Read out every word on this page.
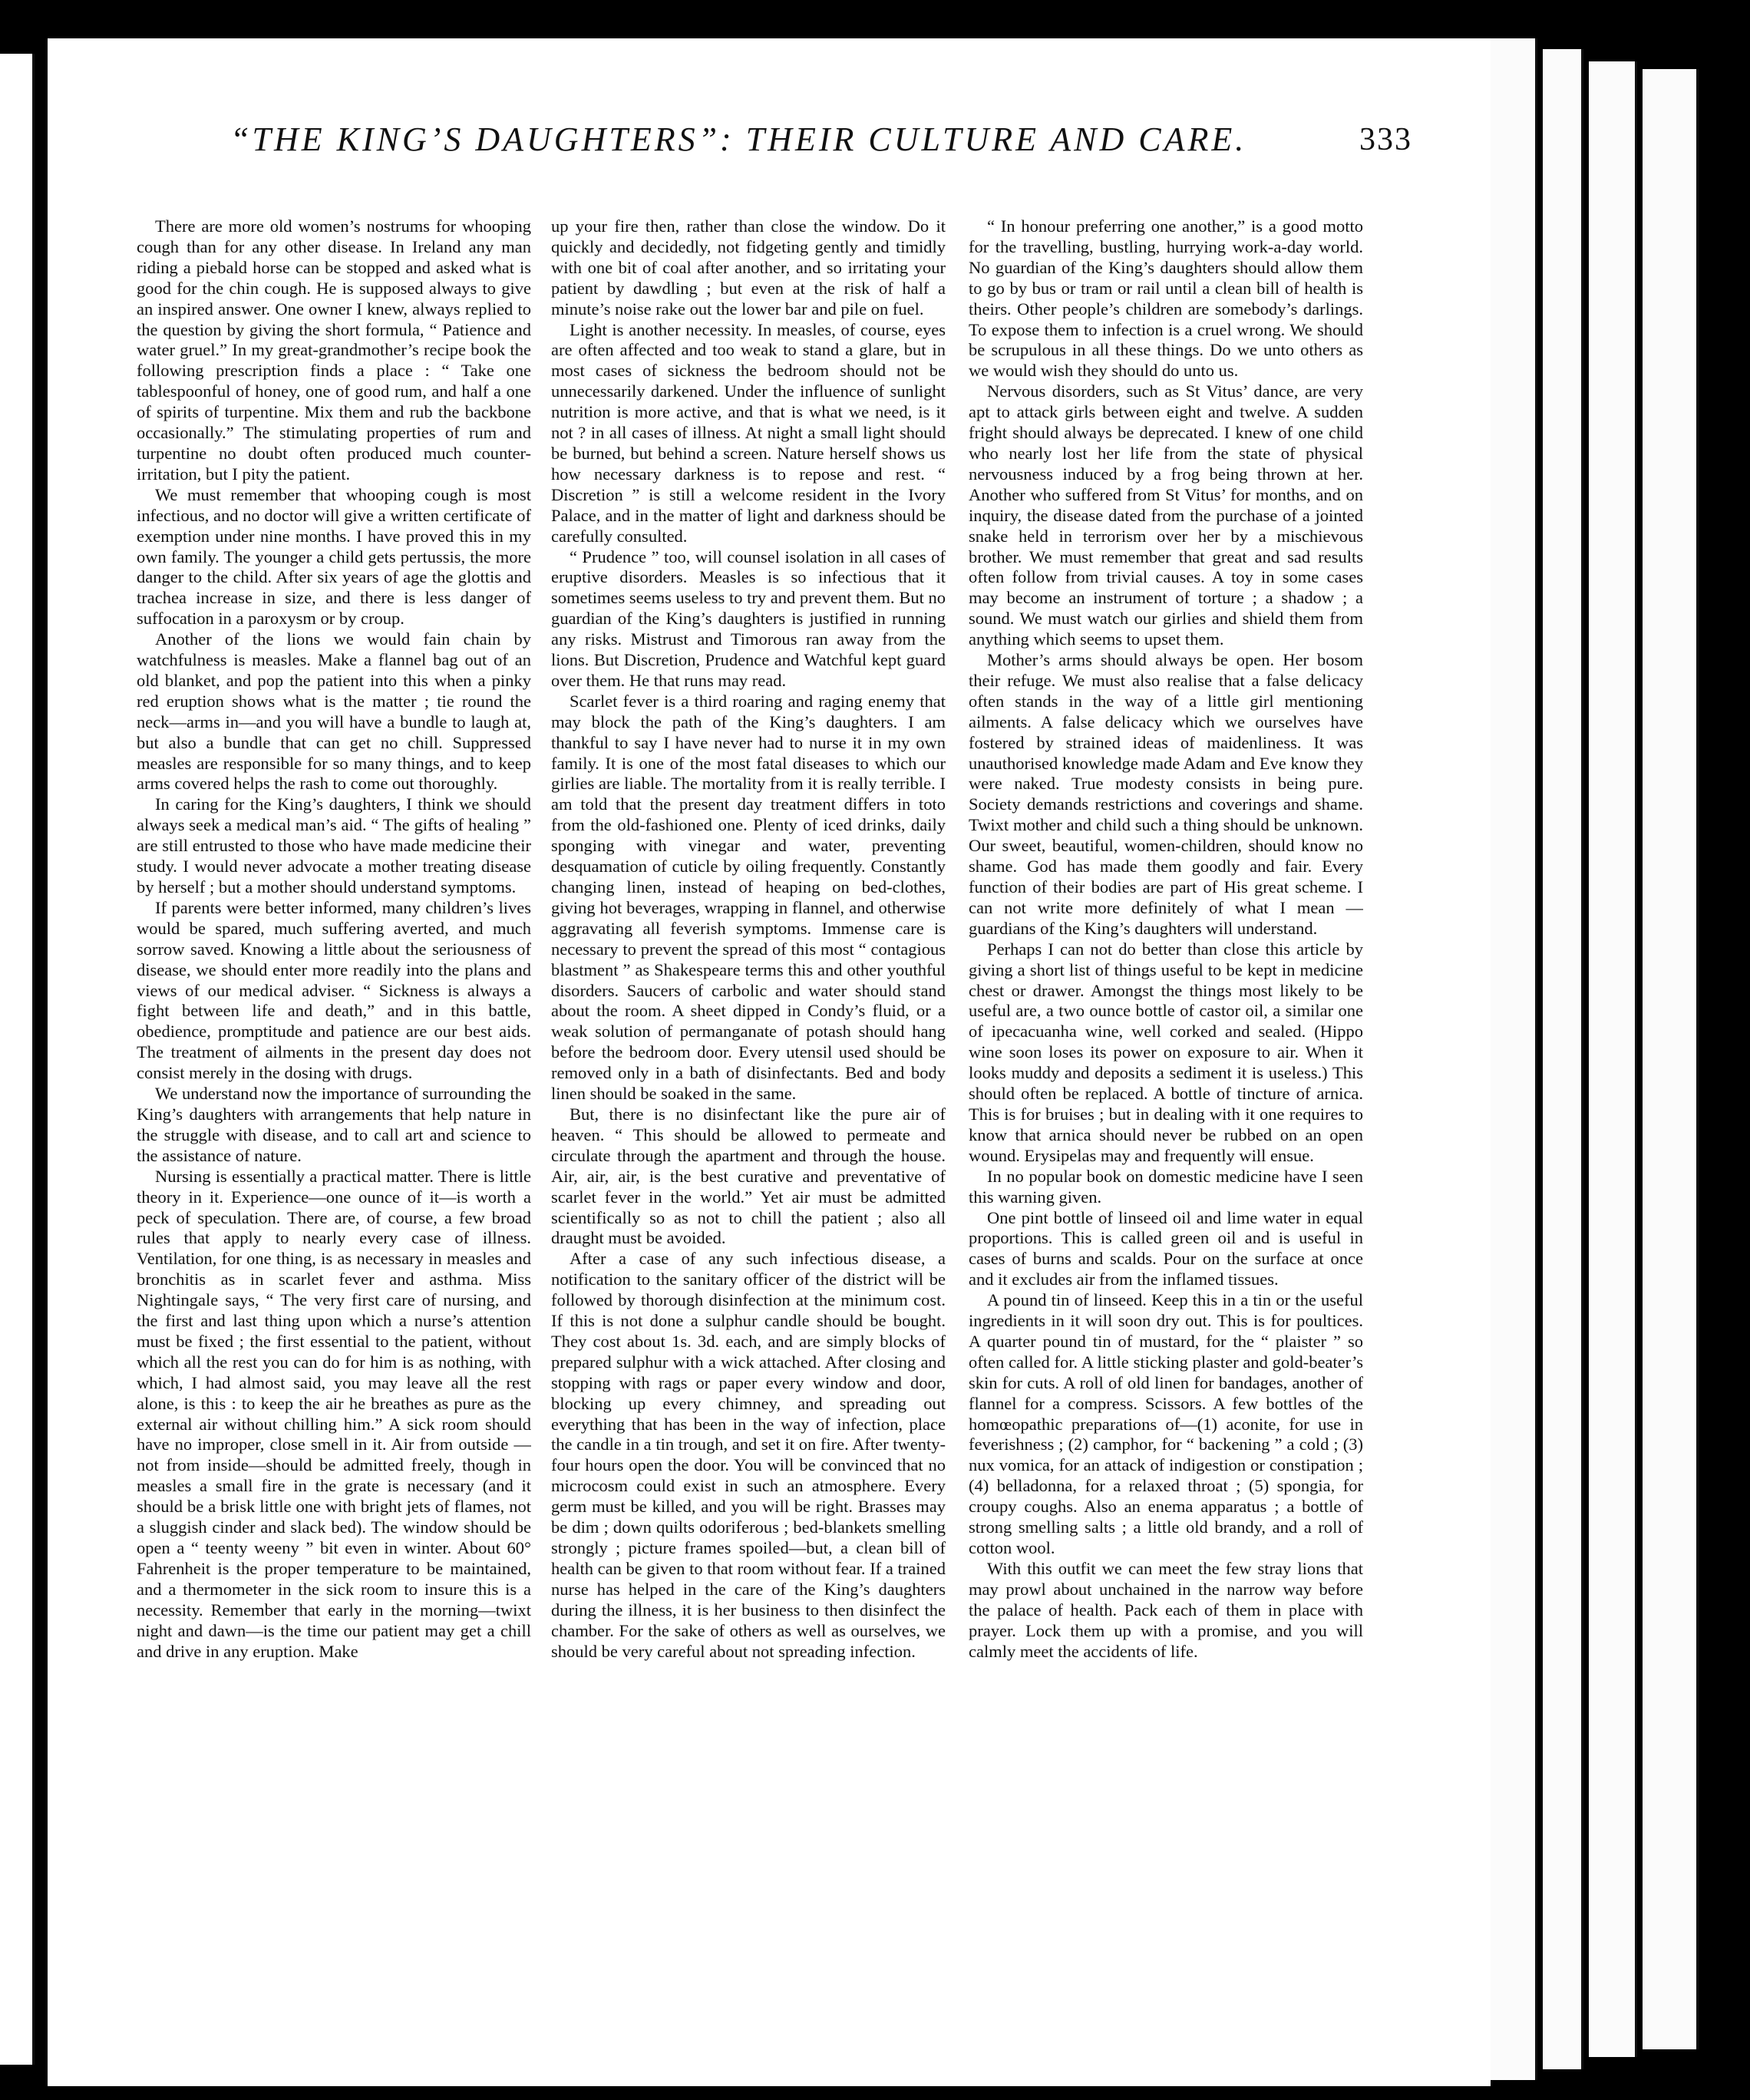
“THE KING’S DAUGHTERS”: THEIR CULTURE AND CARE.	333

There are more old women’s nostrums for whooping cough than for any other disease. In Ireland any man riding a piebald horse can be stopped and asked what is good for the chin cough. He is supposed always to give an inspired answer. One owner I knew, always replied to the question by giving the short formula, “ Patience and water gruel.” In my great-grandmother’s recipe book the following prescription finds a place : “ Take one tablespoonful of honey, one of good rum, and half a one of spirits of turpentine. Mix them and rub the backbone occasionally.” The stimulating properties of rum and turpentine no doubt often produced much counter-irritation, but I pity the patient.

We must remember that whooping cough is most infectious, and no doctor will give a written certificate of exemption under nine months. I have proved this in my own family. The younger a child gets pertussis, the more danger to the child. After six years of age the glottis and trachea increase in size, and there is less danger of suffocation in a paroxysm or by croup.

Another of the lions we would fain chain by watchfulness is measles. Make a flannel bag out of an old blanket, and pop the patient into this when a pinky red eruption shows what is the matter ; tie round the neck—arms in—and you will have a bundle to laugh at, but also a bundle that can get no chill. Suppressed measles are responsible for so many things, and to keep arms covered helps the rash to come out thoroughly.

In caring for the King’s daughters, I think we should always seek a medical man’s aid. “ The gifts of healing ” are still entrusted to those who have made medicine their study. I would never advocate a mother treating disease by herself ; but a mother should understand symptoms.

If parents were better informed, many children’s lives would be spared, much suffering averted, and much sorrow saved. Knowing a little about the seriousness of disease, we should enter more readily into the plans and views of our medical adviser. “ Sickness is always a fight between life and death,” and in this battle, obedience, promptitude and patience are our best aids. The treatment of ailments in the present day does not consist merely in the dosing with drugs.

We understand now the importance of surrounding the King’s daughters with arrangements that help nature in the struggle with disease, and to call art and science to the assistance of nature.

Nursing is essentially a practical matter. There is little theory in it. Experience—one ounce of it—is worth a peck of speculation. There are, of course, a few broad rules that apply to nearly every case of illness. Ventilation, for one thing, is as necessary in measles and bronchitis as in scarlet fever and asthma. Miss Nightingale says, “ The very first care of nursing, and the first and last thing upon which a nurse’s attention must be fixed ; the first essential to the patient, without which all the rest you can do for him is as nothing, with which, I had almost said, you may leave all the rest alone, is this : to keep the air he breathes as pure as the external air without chilling him.” A sick room should have no improper, close smell in it. Air from outside —not from inside—should be admitted freely, though in measles a small fire in the grate is necessary (and it should be a brisk little one with bright jets of flames, not a sluggish cinder and slack bed). The window should be open a “ teenty weeny ” bit even in winter. About 60° Fahrenheit is the proper temperature to be maintained, and a thermometer in the sick room to insure this is a necessity. Remember that early in the morning—twixt night and dawn—is the time our patient may get a chill and drive in any eruption. Make

up your fire then, rather than close the window. Do it quickly and decidedly, not fidgeting gently and timidly with one bit of coal after another, and so irritating your patient by dawdling ; but even at the risk of half a minute’s noise rake out the lower bar and pile on fuel.

Light is another necessity. In measles, of course, eyes are often affected and too weak to stand a glare, but in most cases of sickness the bedroom should not be unnecessarily darkened. Under the influence of sunlight nutrition is more active, and that is what we need, is it not ? in all cases of illness. At night a small light should be burned, but behind a screen. Nature herself shows us how necessary darkness is to repose and rest. “ Discretion ” is still a welcome resident in the Ivory Palace, and in the matter of light and darkness should be carefully consulted.

“ Prudence ” too, will counsel isolation in all cases of eruptive disorders. Measles is so infectious that it sometimes seems useless to try and prevent them. But no guardian of the King’s daughters is justified in running any risks. Mistrust and Timorous ran away from the lions. But Discretion, Prudence and Watchful kept guard over them. He that runs may read.

Scarlet fever is a third roaring and raging enemy that may block the path of the King’s daughters. I am thankful to say I have never had to nurse it in my own family. It is one of the most fatal diseases to which our girlies are liable. The mortality from it is really terrible. I am told that the present day treatment differs in toto from the old-fashioned one. Plenty of iced drinks, daily sponging with vinegar and water, preventing desquamation of cuticle by oiling frequently. Constantly changing linen, instead of heaping on bed-clothes, giving hot beverages, wrapping in flannel, and otherwise aggravating all feverish symptoms. Immense care is necessary to prevent the spread of this most “ contagious blastment ” as Shakespeare terms this and other youthful disorders. Saucers of carbolic and water should stand about the room. A sheet dipped in Condy’s fluid, or a weak solution of permanganate of potash should hang before the bedroom door. Every utensil used should be removed only in a bath of disinfectants. Bed and body linen should be soaked in the same.

But, there is no disinfectant like the pure air of heaven. “ This should be allowed to permeate and circulate through the apartment and through the house. Air, air, air, is the best curative and preventative of scarlet fever in the world.” Yet air must be admitted scientifically so as not to chill the patient ; also all draught must be avoided.

After a case of any such infectious disease, a notification to the sanitary officer of the district will be followed by thorough disinfection at the minimum cost. If this is not done a sulphur candle should be bought. They cost about 1s. 3d. each, and are simply blocks of prepared sulphur with a wick attached. After closing and stopping with rags or paper every window and door, blocking up every chimney, and spreading out everything that has been in the way of infection, place the candle in a tin trough, and set it on fire. After twenty-four hours open the door. You will be convinced that no microcosm could exist in such an atmosphere. Every germ must be killed, and you will be right. Brasses may be dim ; down quilts odoriferous ; bed-blankets smelling strongly ; picture frames spoiled—but, a clean bill of health can be given to that room without fear. If a trained nurse has helped in the care of the King’s daughters during the illness, it is her business to then disinfect the chamber. For the sake of others as well as ourselves, we should be very careful about not spreading infection.

“ In honour preferring one another,” is a good motto for the travelling, bustling, hurrying work-a-day world. No guardian of the King’s daughters should allow them to go by bus or tram or rail until a clean bill of health is theirs. Other people’s children are somebody’s darlings. To expose them to infection is a cruel wrong. We should be scrupulous in all these things. Do we unto others as we would wish they should do unto us.

Nervous disorders, such as St Vitus’ dance, are very apt to attack girls between eight and twelve. A sudden fright should always be deprecated. I knew of one child who nearly lost her life from the state of physical nervousness induced by a frog being thrown at her. Another who suffered from St Vitus’ for months, and on inquiry, the disease dated from the purchase of a jointed snake held in terrorism over her by a mischievous brother. We must remember that great and sad results often follow from trivial causes. A toy in some cases may become an instrument of torture ; a shadow ; a sound. We must watch our girlies and shield them from anything which seems to upset them.

Mother’s arms should always be open. Her bosom their refuge. We must also realise that a false delicacy often stands in the way of a little girl mentioning ailments. A false delicacy which we ourselves have fostered by strained ideas of maidenliness. It was unauthorised knowledge made Adam and Eve know they were naked. True modesty consists in being pure. Society demands restrictions and coverings and shame. Twixt mother and child such a thing should be unknown. Our sweet, beautiful, women-children, should know no shame. God has made them goodly and fair. Every function of their bodies are part of His great scheme. I can not write more definitely of what I mean —guardians of the King’s daughters will understand.

Perhaps I can not do better than close this article by giving a short list of things useful to be kept in medicine chest or drawer. Amongst the things most likely to be useful are, a two ounce bottle of castor oil, a similar one of ipecacuanha wine, well corked and sealed. (Hippo wine soon loses its power on exposure to air. When it looks muddy and deposits a sediment it is useless.) This should often be replaced. A bottle of tincture of arnica. This is for bruises ; but in dealing with it one requires to know that arnica should never be rubbed on an open wound. Erysipelas may and frequently will ensue.

In no popular book on domestic medicine have I seen this warning given.

One pint bottle of linseed oil and lime water in equal proportions. This is called green oil and is useful in cases of burns and scalds. Pour on the surface at once and it excludes air from the inflamed tissues.

A pound tin of linseed. Keep this in a tin or the useful ingredients in it will soon dry out. This is for poultices. A quarter pound tin of mustard, for the “ plaister ” so often called for. A little sticking plaster and gold-beater’s skin for cuts. A roll of old linen for bandages, another of flannel for a compress. Scissors. A few bottles of the homœopathic preparations of—(1) aconite, for use in feverishness ; (2) camphor, for “ backening ” a cold ; (3) nux vomica, for an attack of indigestion or constipation ; (4) belladonna, for a relaxed throat ; (5) spongia, for croupy coughs. Also an enema apparatus ; a bottle of strong smelling salts ; a little old brandy, and a roll of cotton wool.

With this outfit we can meet the few stray lions that may prowl about unchained in the narrow way before the palace of health. Pack each of them in place with prayer. Lock them up with a promise, and you will calmly meet the accidents of life.
